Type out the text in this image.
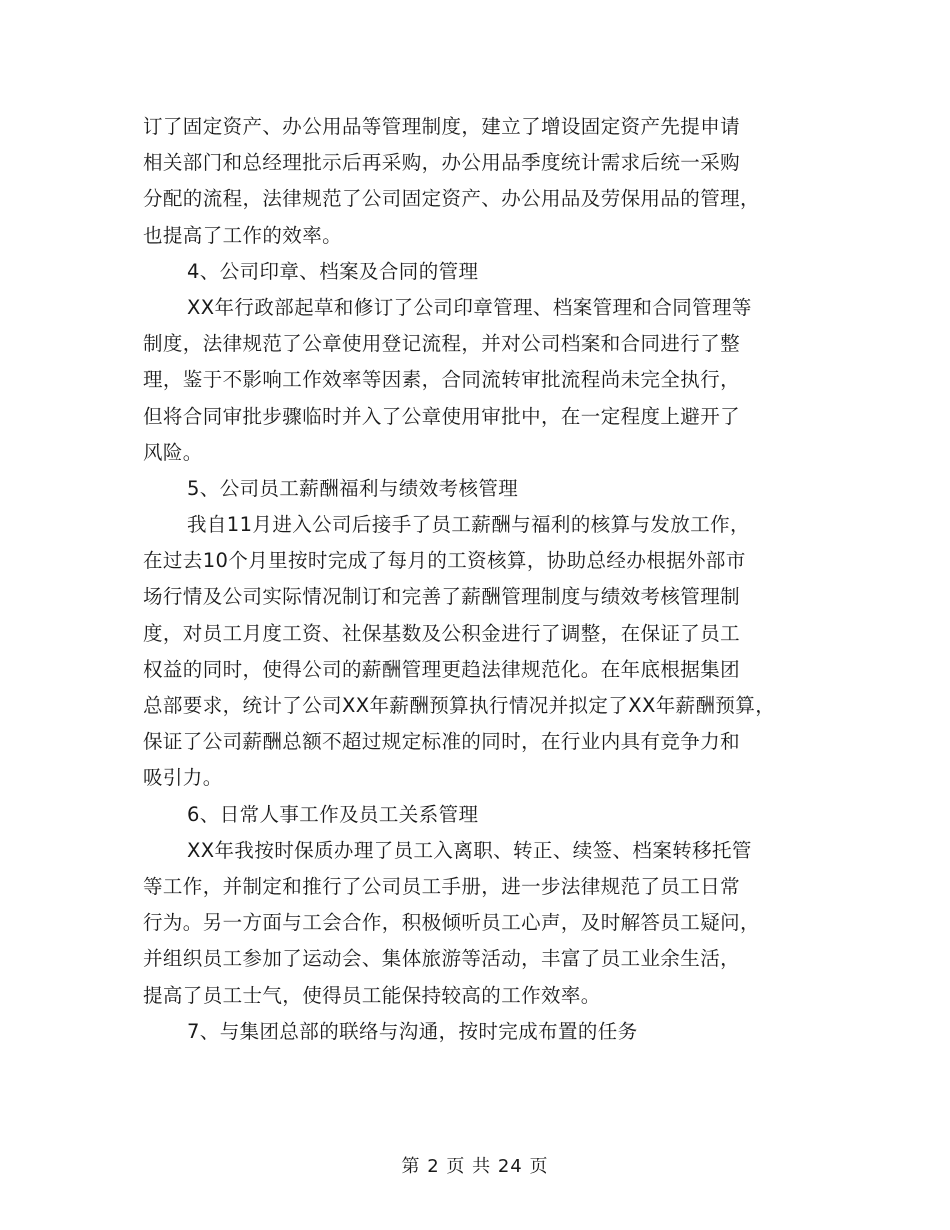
订了固定资产、办公用品等管理制度，建立了增设固定资产先提申请
相关部门和总经理批示后再采购，办公用品季度统计需求后统一采购
分配的流程，法律规范了公司固定资产、办公用品及劳保用品的管理，
也提高了工作的效率。
4、公司印章、档案及合同的管理
XX年行政部起草和修订了公司印章管理、档案管理和合同管理等
制度，法律规范了公章使用登记流程，并对公司档案和合同进行了整
理，鉴于不影响工作效率等因素，合同流转审批流程尚未完全执行，
但将合同审批步骤临时并入了公章使用审批中，在一定程度上避开了
风险。
5、公司员工薪酬福利与绩效考核管理
我自11月进入公司后接手了员工薪酬与福利的核算与发放工作，
在过去10个月里按时完成了每月的工资核算，协助总经办根据外部市
场行情及公司实际情况制订和完善了薪酬管理制度与绩效考核管理制
度，对员工月度工资、社保基数及公积金进行了调整，在保证了员工
权益的同时，使得公司的薪酬管理更趋法律规范化。在年底根据集团
总部要求，统计了公司XX年薪酬预算执行情况并拟定了XX年薪酬预算，
保证了公司薪酬总额不超过规定标准的同时，在行业内具有竞争力和
吸引力。
6、日常人事工作及员工关系管理
XX年我按时保质办理了员工入离职、转正、续签、档案转移托管
等工作，并制定和推行了公司员工手册，进一步法律规范了员工日常
行为。另一方面与工会合作，积极倾听员工心声，及时解答员工疑问，
并组织员工参加了运动会、集体旅游等活动，丰富了员工业余生活，
提高了员工士气，使得员工能保持较高的工作效率。
7、与集团总部的联络与沟通，按时完成布置的任务
第 2 页 共 24 页
